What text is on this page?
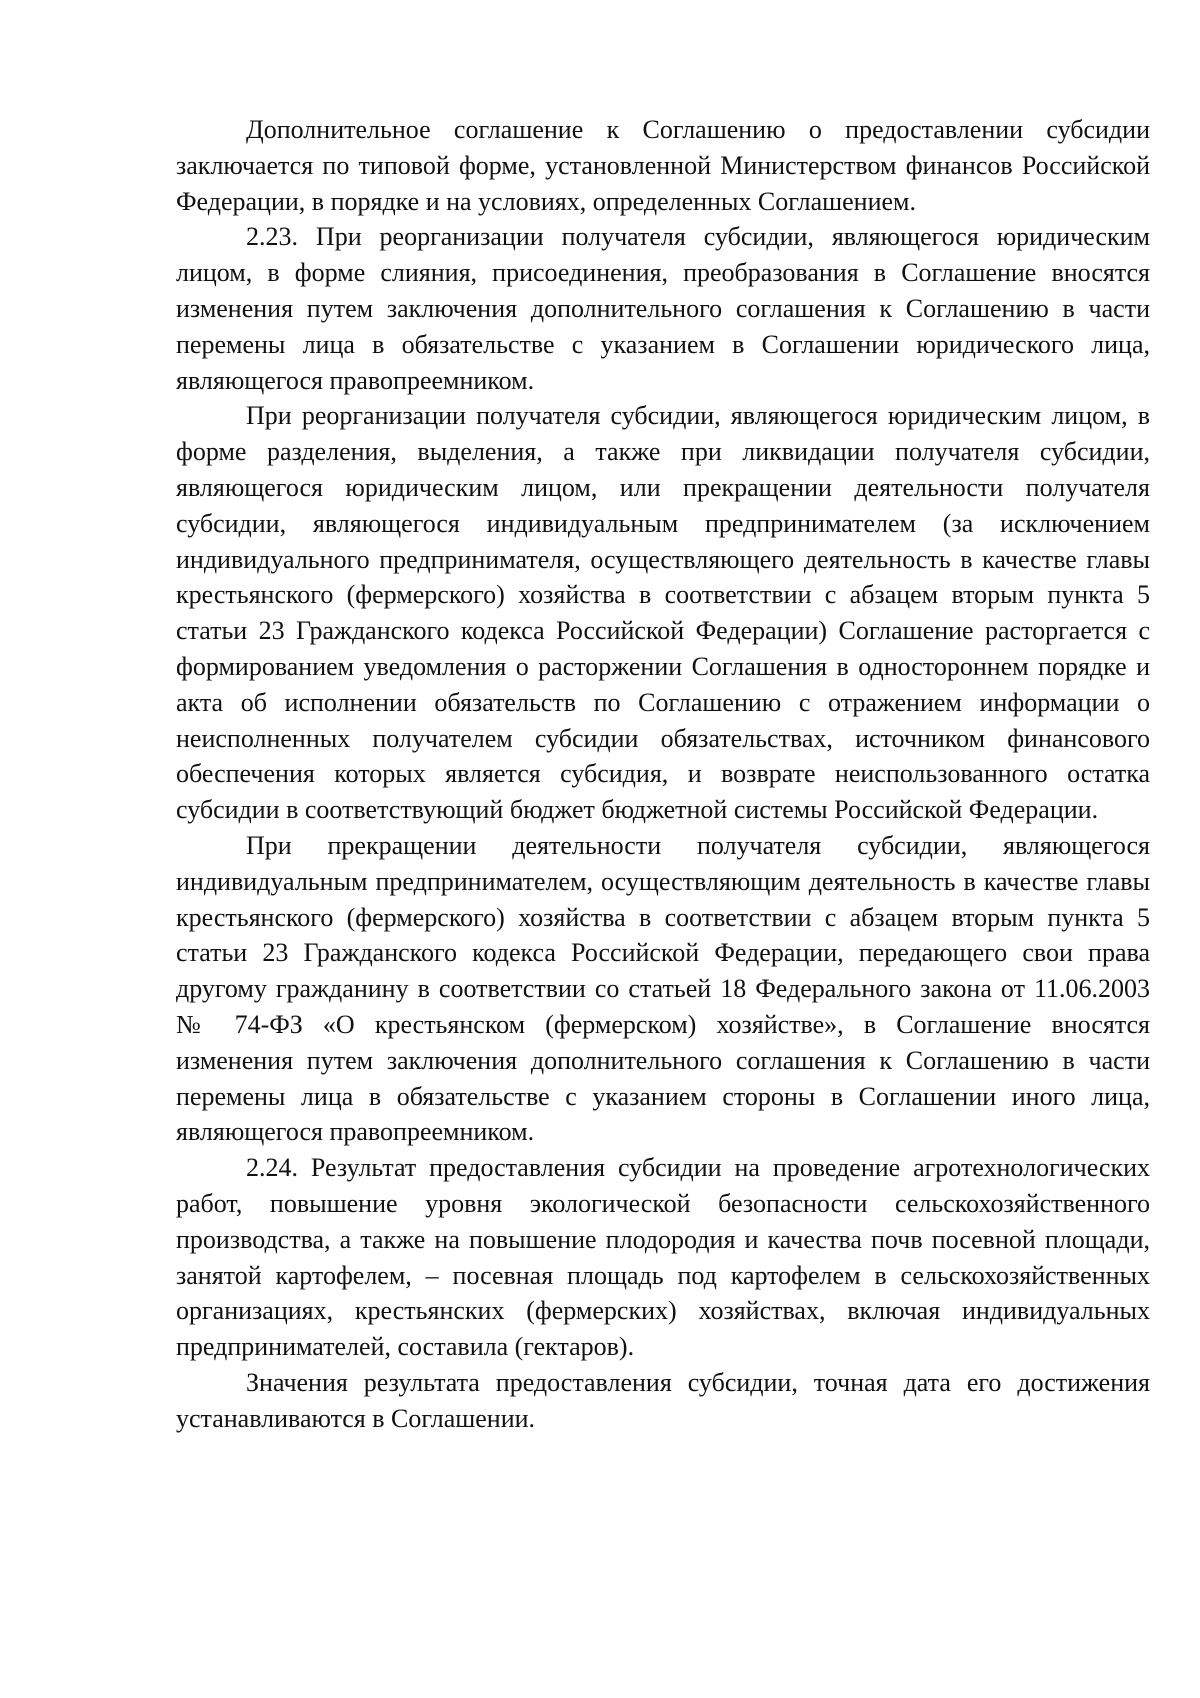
Дополнительное соглашение к Соглашению о предоставлении субсидии заключается по типовой форме, установленной Министерством финансов Российской Федерации, в порядке и на условиях, определенных Соглашением.

2.23. При реорганизации получателя субсидии, являющегося юридическим лицом, в форме слияния, присоединения, преобразования в Соглашение вносятся изменения путем заключения дополнительного соглашения к Соглашению в части перемены лица в обязательстве с указанием в Соглашении юридического лица, являющегося правопреемником.

При реорганизации получателя субсидии, являющегося юридическим лицом, в форме разделения, выделения, а также при ликвидации получателя субсидии, являющегося юридическим лицом, или прекращении деятельности получателя субсидии, являющегося индивидуальным предпринимателем (за исключением индивидуального предпринимателя, осуществляющего деятельность в качестве главы крестьянского (фермерского) хозяйства в соответствии с абзацем вторым пункта 5 статьи 23 Гражданского кодекса Российской Федерации) Соглашение расторгается с формированием уведомления о расторжении Соглашения в одностороннем порядке и акта об исполнении обязательств по Соглашению с отражением информации о неисполненных получателем субсидии обязательствах, источником финансового обеспечения которых является субсидия, и возврате неиспользованного остатка субсидии в соответствующий бюджет бюджетной системы Российской Федерации.

При прекращении деятельности получателя субсидии, являющегося индивидуальным предпринимателем, осуществляющим деятельность в качестве главы крестьянского (фермерского) хозяйства в соответствии с абзацем вторым пункта 5 статьи 23 Гражданского кодекса Российской Федерации, передающего свои права другому гражданину в соответствии со статьей 18 Федерального закона от 11.06.2003 № 74-ФЗ «О крестьянском (фермерском) хозяйстве», в Соглашение вносятся изменения путем заключения дополнительного соглашения к Соглашению в части перемены лица в обязательстве с указанием стороны в Соглашении иного лица, являющегося правопреемником.

2.24. Результат предоставления субсидии на проведение агротехнологических работ, повышение уровня экологической безопасности сельскохозяйственного производства, а также на повышение плодородия и качества почв посевной площади, занятой картофелем, – посевная площадь под картофелем в сельскохозяйственных организациях, крестьянских (фермерских) хозяйствах, включая индивидуальных предпринимателей, составила (гектаров).

Значения результата предоставления субсидии, точная дата его достижения устанавливаются в Соглашении.
